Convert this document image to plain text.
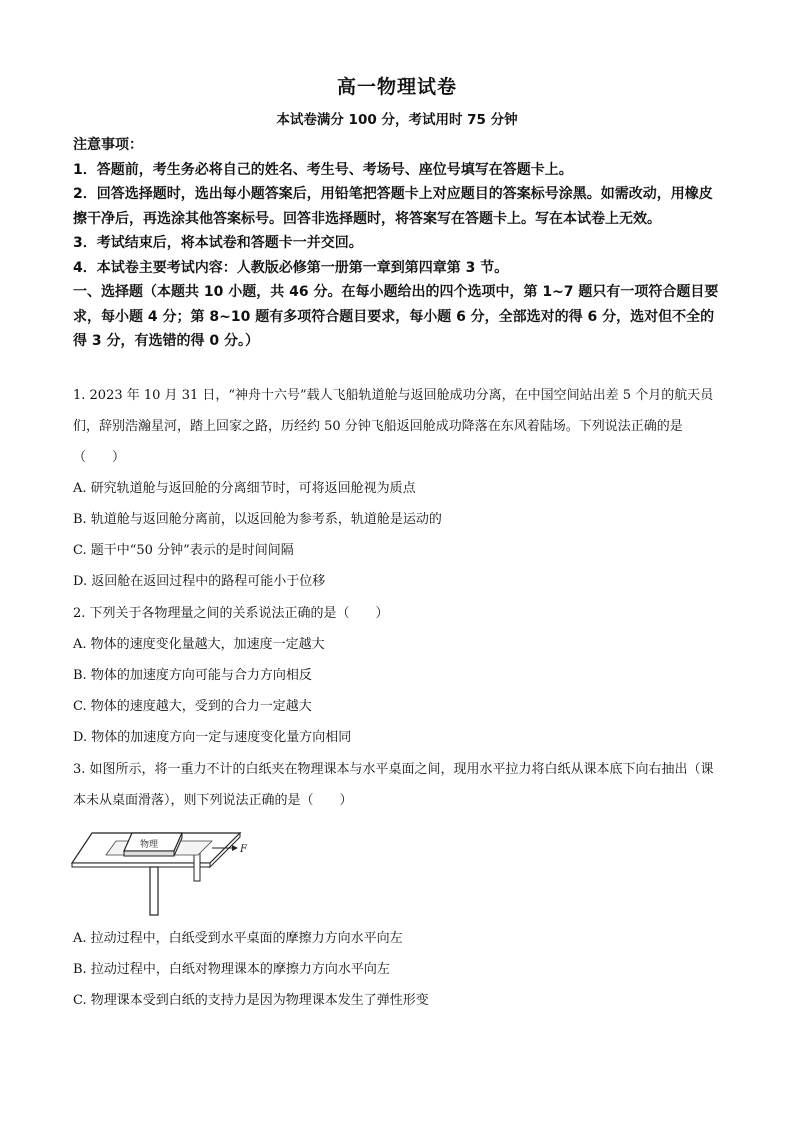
高一物理试卷
本试卷满分 100 分，考试用时 75 分钟
注意事项：
1．答题前，考生务必将自己的姓名、考生号、考场号、座位号填写在答题卡上。
2．回答选择题时，选出每小题答案后，用铅笔把答题卡上对应题目的答案标号涂黑。如需改动，用橡皮擦干净后，再选涂其他答案标号。回答非选择题时，将答案写在答题卡上。写在本试卷上无效。
3．考试结束后，将本试卷和答题卡一并交回。
4．本试卷主要考试内容：人教版必修第一册第一章到第四章第 3 节。
一、选择题（本题共 10 小题，共 46 分。在每小题给出的四个选项中，第 1~7 题只有一项符合题目要求，每小题 4 分；第 8~10 题有多项符合题目要求，每小题 6 分，全部选对的得 6 分，选对但不全的得 3 分，有选错的得 0 分。）
1. 2023 年 10 月 31 日，“神舟十六号”载人飞船轨道舱与返回舱成功分离，在中国空间站出差 5 个月的航天员们，辞别浩瀚星河，踏上回家之路，历经约 50 分钟飞船返回舱成功降落在东风着陆场。下列说法正确的是（　　）
A. 研究轨道舱与返回舱的分离细节时，可将返回舱视为质点
B. 轨道舱与返回舱分离前，以返回舱为参考系，轨道舱是运动的
C. 题干中“50 分钟”表示的是时间间隔
D. 返回舱在返回过程中的路程可能小于位移
2. 下列关于各物理量之间的关系说法正确的是（　　）
A. 物体的速度变化量越大，加速度一定越大
B. 物体的加速度方向可能与合力方向相反
C. 物体的速度越大，受到的合力一定越大
D. 物体的加速度方向一定与速度变化量方向相同
3. 如图所示，将一重力不计的白纸夹在物理课本与水平桌面之间，现用水平拉力将白纸从课本底下向右抽出（课本未从桌面滑落），则下列说法正确的是（　　）
物理	F
A. 拉动过程中，白纸受到水平桌面的摩擦力方向水平向左
B. 拉动过程中，白纸对物理课本的摩擦力方向水平向左
C. 物理课本受到白纸的支持力是因为物理课本发生了弹性形变
